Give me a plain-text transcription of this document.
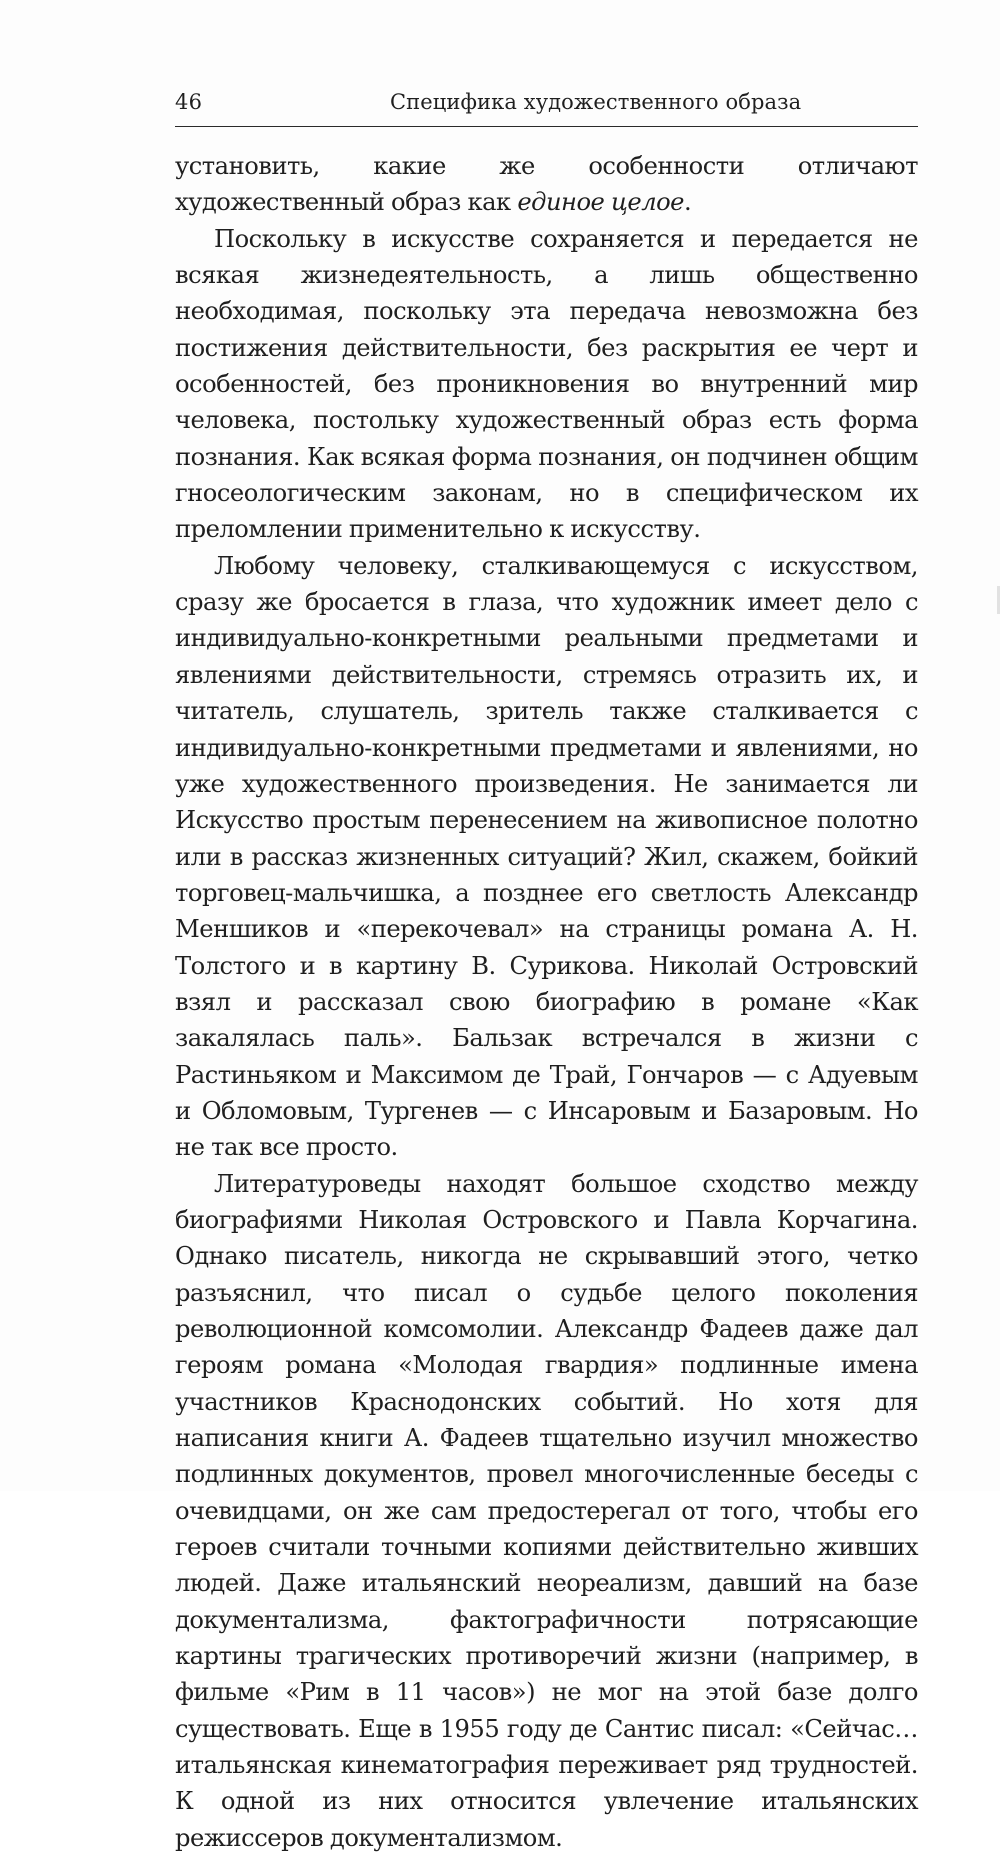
46	Специфика художественного образа

установить, какие же особенности отличают художественный образ как единое целое.

Поскольку в искусстве сохраняется и передается не всякая жизнедеятельность, а лишь общественно необходимая, поскольку эта передача невозможна без постижения действительности, без раскрытия ее черт и особенностей, без проникновения во внутренний мир человека, постольку художественный образ есть форма познания. Как всякая форма познания, он подчинен общим гносеологическим законам, но в специфическом их преломлении применительно к искусству.

Любому человеку, сталкивающемуся с искусством, сразу же бросается в глаза, что художник имеет дело с индивидуально-конкретными реальными предметами и явлениями действительности, стремясь отразить их, и читатель, слушатель, зритель также сталкивается с индивидуально-конкретными предметами и явлениями, но уже художественного произведения. Не занимается ли Искусство простым перенесением на живописное полотно или в рассказ жизненных ситуаций? Жил, скажем, бойкий торговец-мальчишка, а позднее его светлость Александр Меншиков и «перекочевал» на страницы романа А. Н. Толстого и в картину В. Сурикова. Николай Островский взял и рассказал свою биографию в романе «Как закалялась паль». Бальзак встречался в жизни с Растиньяком и Максимом де Трай, Гончаров — с Адуевым и Обломовым, Тургенев — с Инсаровым и Базаровым. Но не так все просто.

Литературоведы находят большое сходство между биографиями Николая Островского и Павла Корчагина. Однако писатель, никогда не скрывавший этого, четко разъяснил, что писал о судьбе целого поколения революционной комсомолии. Александр Фадеев даже дал героям романа «Молодая гвардия» подлинные имена участников Краснодонских событий. Но хотя для написания книги А. Фадеев тщательно изучил множество подлинных документов, провел многочисленные беседы с очевидцами, он же сам предостерегал от того, чтобы его героев считали точными копиями действительно живших людей. Даже итальянский неореализм, давший на базе документализма, фактографичности потрясающие картины трагических противоречий жизни (например, в фильме «Рим в 11 часов») не мог на этой базе долго существовать. Еще в 1955 году де Сантис писал: «Сейчас… итальянская кинематография переживает ряд трудностей. К одной из них относится увлечение итальянских режиссеров документализмом.
